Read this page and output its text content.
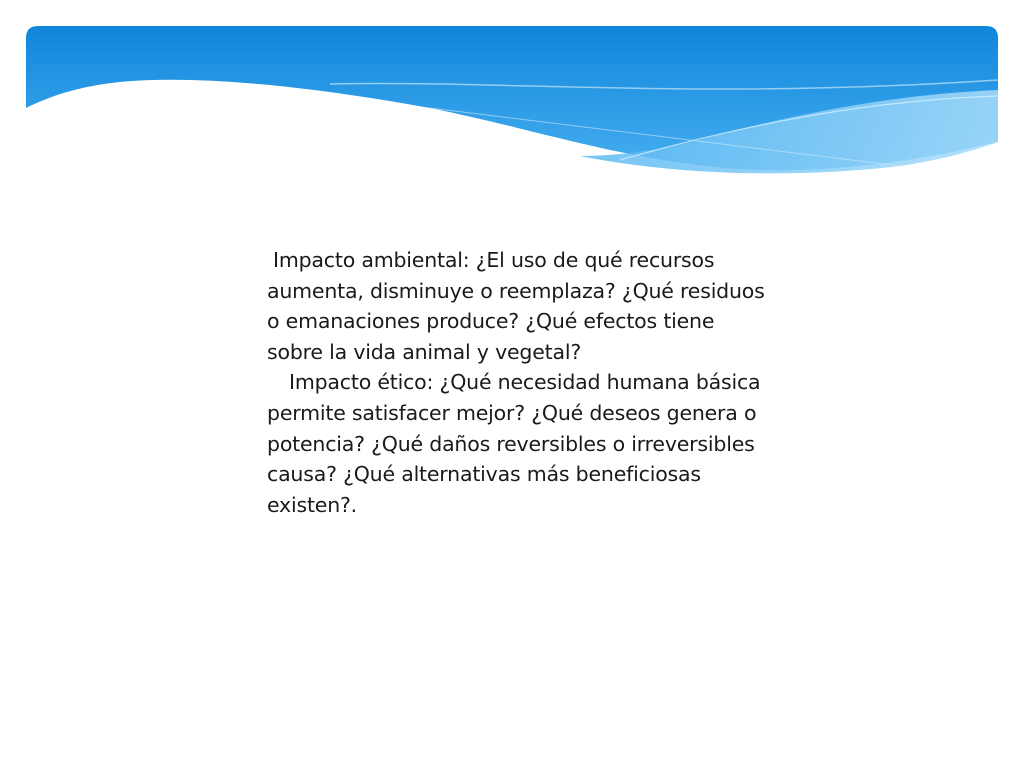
Impacto ambiental: ¿El uso de qué recursos aumenta, disminuye o reemplaza? ¿Qué residuos o emanaciones produce? ¿Qué efectos tiene sobre la vida animal y vegetal?

Impacto ético: ¿Qué necesidad humana básica permite satisfacer mejor? ¿Qué deseos genera o potencia? ¿Qué daños reversibles o irreversibles causa? ¿Qué alternativas más beneficiosas existen?.
